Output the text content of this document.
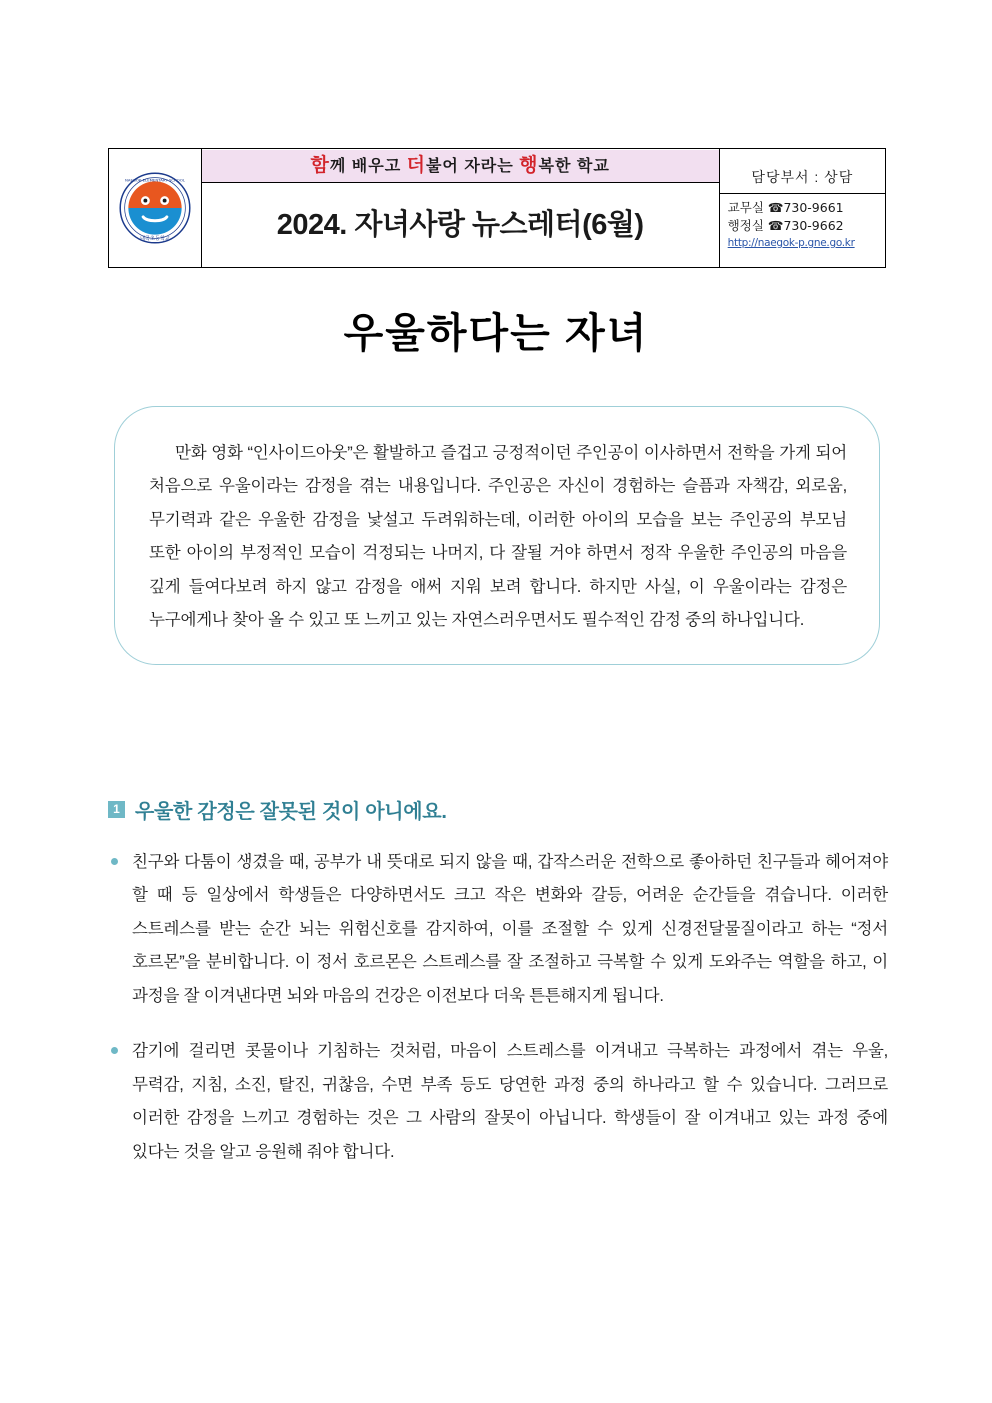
내곡초등학교
NAEGOK ELEMENTARY SCHOOL

함께 배우고 더불어 자라는 행복한 학교
2024. 자녀사랑 뉴스레터(6월)

담당부서 : 상담
교무실 ☎730-9661
행정실 ☎730-9662
http://naegok-p.gne.go.kr
우울하다는 자녀

만화 영화 “인사이드아웃”은 활발하고 즐겁고 긍정적이던 주인공이 이사하면서 전학을 가게 되어 처음으로 우울이라는 감정을 겪는 내용입니다. 주인공은 자신이 경험하는 슬픔과 자책감, 외로움, 무기력과 같은 우울한 감정을 낯설고 두려워하는데, 이러한 아이의 모습을 보는 주인공의 부모님 또한 아이의 부정적인 모습이 걱정되는 나머지, 다 잘될 거야 하면서 정작 우울한 주인공의 마음을 깊게 들여다보려 하지 않고 감정을 애써 지워 보려 합니다. 하지만 사실, 이 우울이라는 감정은 누구에게나 찾아 올 수 있고 또 느끼고 있는 자연스러우면서도 필수적인 감정 중의 하나입니다.

1 우울한 감정은 잘못된 것이 아니에요.
친구와 다툼이 생겼을 때, 공부가 내 뜻대로 되지 않을 때, 갑작스러운 전학으로 좋아하던 친구들과 헤어져야 할 때 등 일상에서 학생들은 다양하면서도 크고 작은 변화와 갈등, 어려운 순간들을 겪습니다. 이러한 스트레스를 받는 순간 뇌는 위험신호를 감지하여, 이를 조절할 수 있게 신경전달물질이라고 하는 “정서 호르몬”을 분비합니다. 이 정서 호르몬은 스트레스를 잘 조절하고 극복할 수 있게 도와주는 역할을 하고, 이 과정을 잘 이겨낸다면 뇌와 마음의 건강은 이전보다 더욱 튼튼해지게 됩니다.
감기에 걸리면 콧물이나 기침하는 것처럼, 마음이 스트레스를 이겨내고 극복하는 과정에서 겪는 우울, 무력감, 지침, 소진, 탈진, 귀찮음, 수면 부족 등도 당연한 과정 중의 하나라고 할 수 있습니다. 그러므로 이러한 감정을 느끼고 경험하는 것은 그 사람의 잘못이 아닙니다. 학생들이 잘 이겨내고 있는 과정 중에 있다는 것을 알고 응원해 줘야 합니다.
